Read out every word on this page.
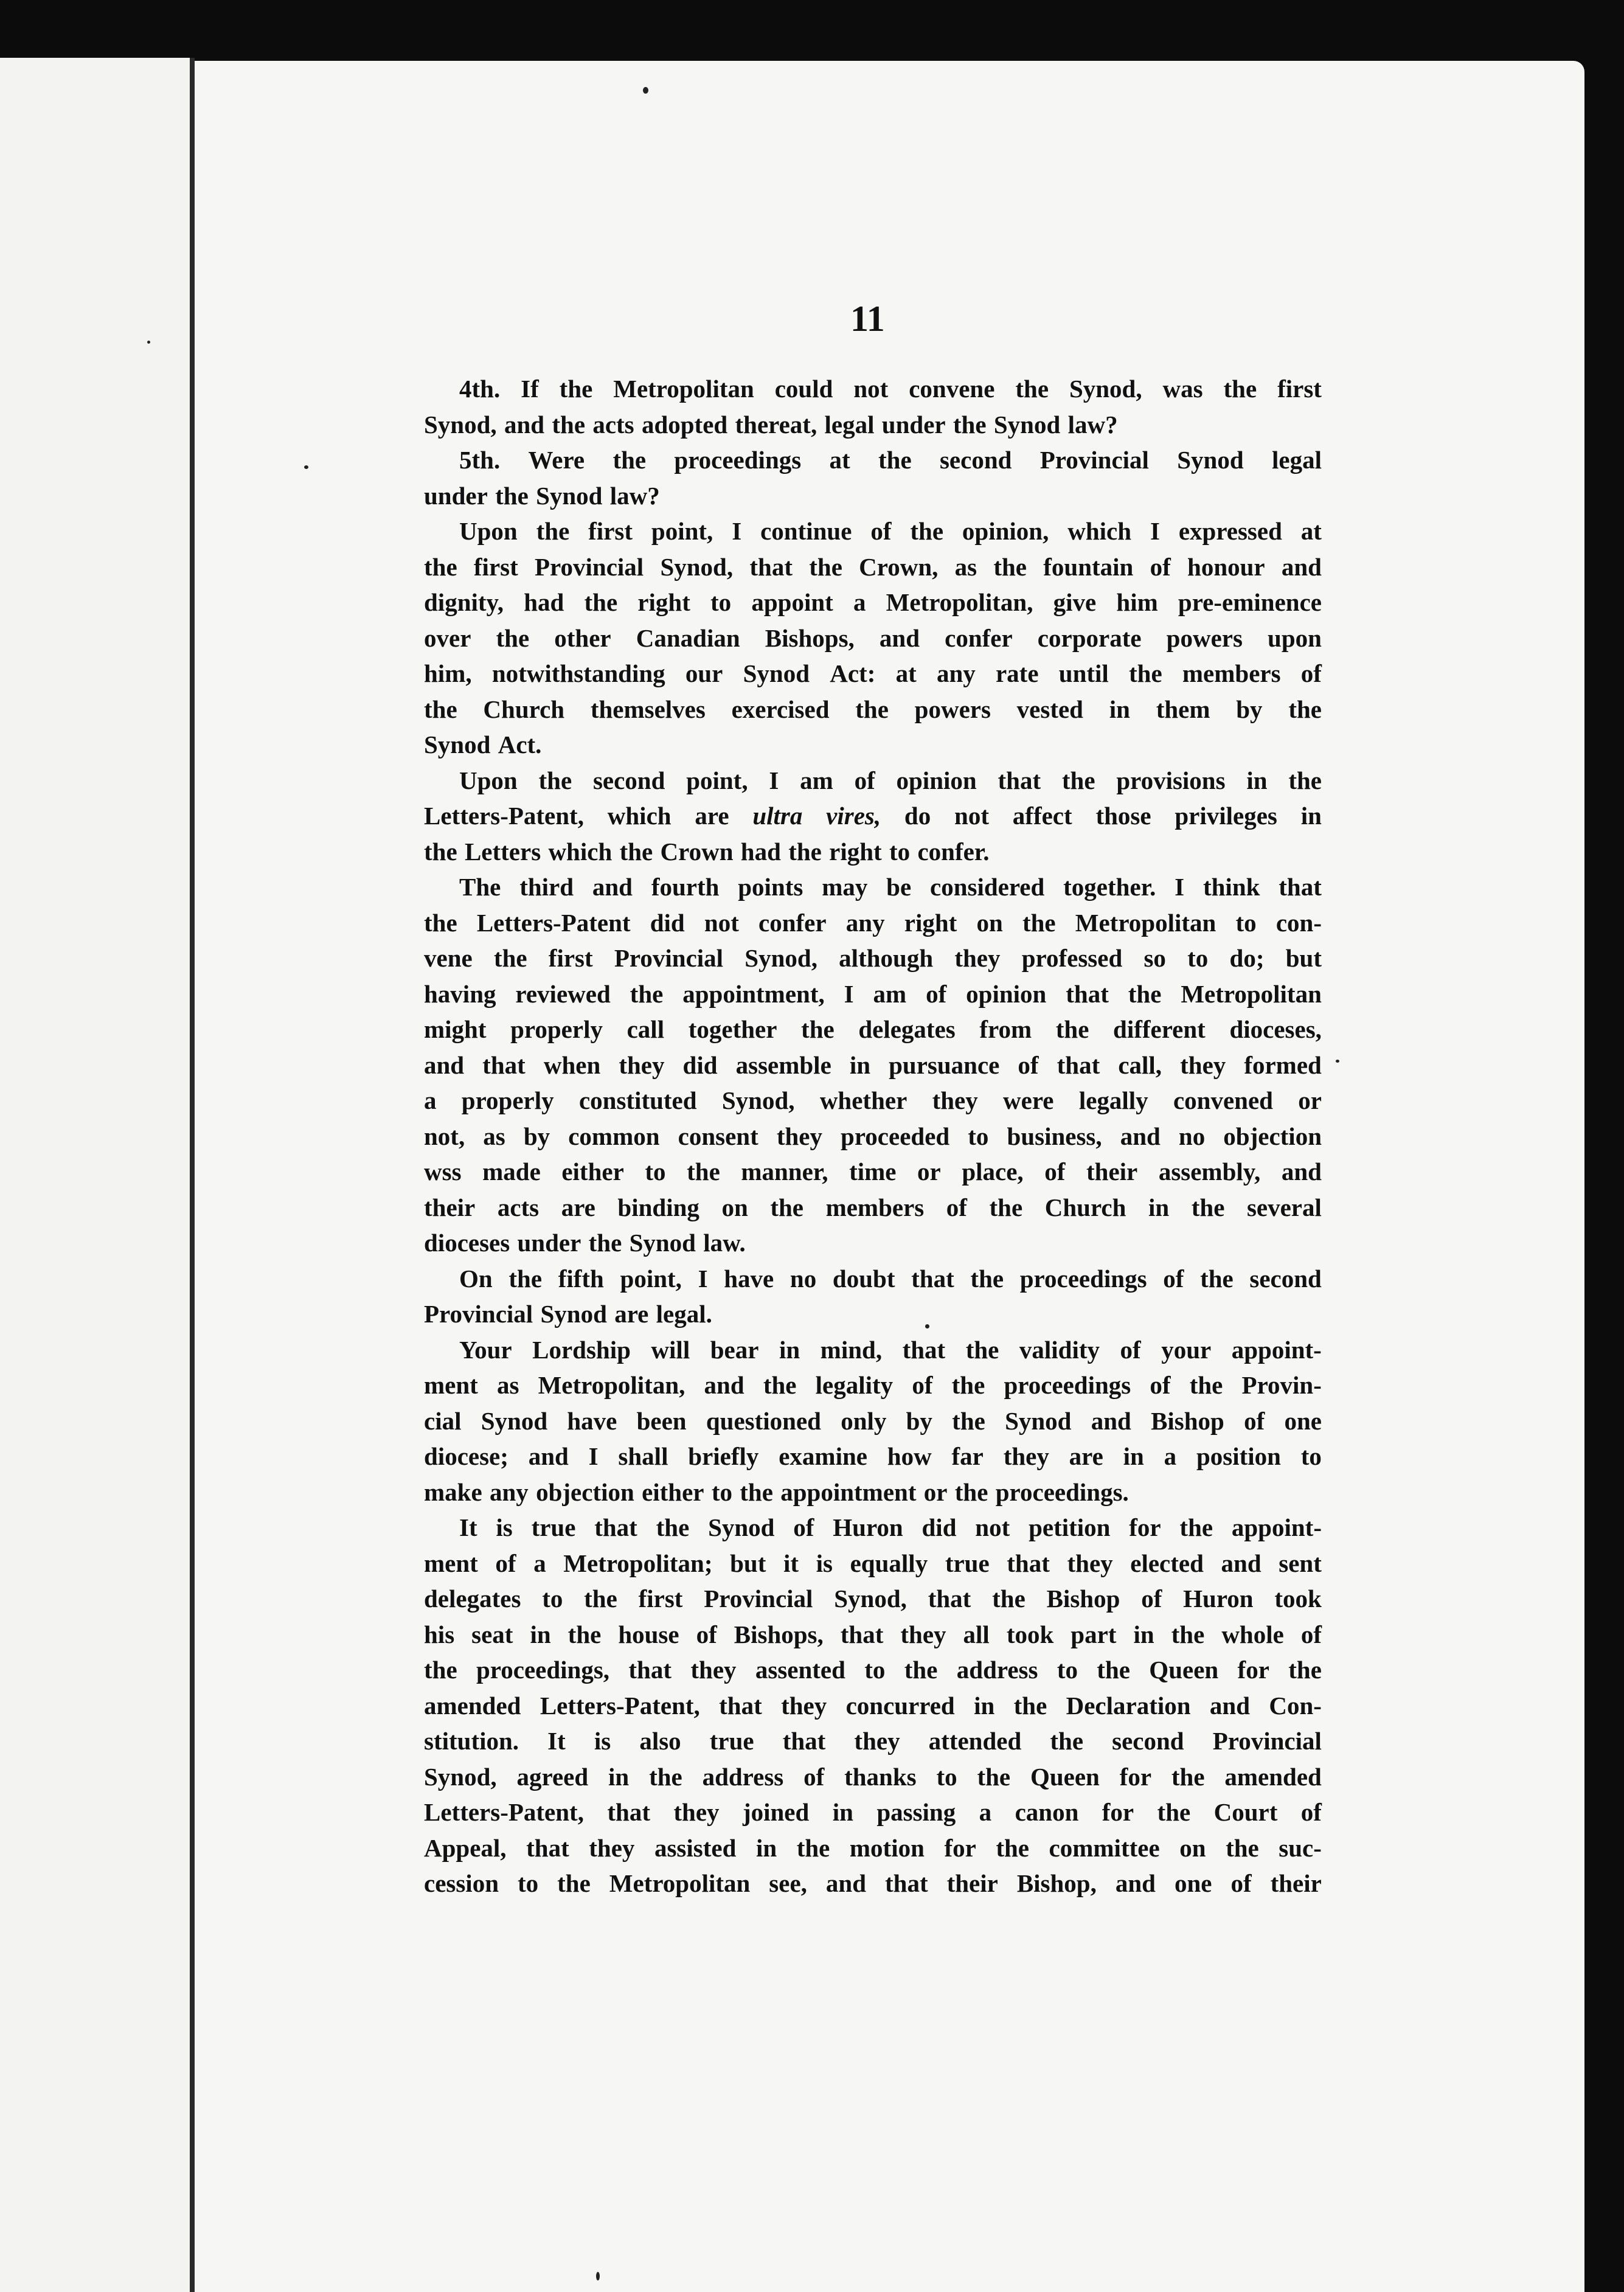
11
4th. If the Metropolitan could not convene the Synod, was the first
Synod, and the acts adopted thereat, legal under the Synod law?
5th. Were the proceedings at the second Provincial Synod legal
under the Synod law?
Upon the first point, I continue of the opinion, which I expressed at
the first Provincial Synod, that the Crown, as the fountain of honour and
dignity, had the right to appoint a Metropolitan, give him pre-eminence
over the other Canadian Bishops, and confer corporate powers upon
him, notwithstanding our Synod Act: at any rate until the members of
the Church themselves exercised the powers vested in them by the
Synod Act.
Upon the second point, I am of opinion that the provisions in the
Letters-Patent, which are ultra vires, do not affect those privileges in
the Letters which the Crown had the right to confer.
The third and fourth points may be considered together. I think that
the Letters-Patent did not confer any right on the Metropolitan to con-
vene the first Provincial Synod, although they professed so to do; but
having reviewed the appointment, I am of opinion that the Metropolitan
might properly call together the delegates from the different dioceses,
and that when they did assemble in pursuance of that call, they formed
a properly constituted Synod, whether they were legally convened or
not, as by common consent they proceeded to business, and no objection
wss made either to the manner, time or place, of their assembly, and
their acts are binding on the members of the Church in the several
dioceses under the Synod law.
On the fifth point, I have no doubt that the proceedings of the second
Provincial Synod are legal.
Your Lordship will bear in mind, that the validity of your appoint-
ment as Metropolitan, and the legality of the proceedings of the Provin-
cial Synod have been questioned only by the Synod and Bishop of one
diocese; and I shall briefly examine how far they are in a position to
make any objection either to the appointment or the proceedings.
It is true that the Synod of Huron did not petition for the appoint-
ment of a Metropolitan; but it is equally true that they elected and sent
delegates to the first Provincial Synod, that the Bishop of Huron took
his seat in the house of Bishops, that they all took part in the whole of
the proceedings, that they assented to the address to the Queen for the
amended Letters-Patent, that they concurred in the Declaration and Con-
stitution. It is also true that they attended the second Provincial
Synod, agreed in the address of thanks to the Queen for the amended
Letters-Patent, that they joined in passing a canon for the Court of
Appeal, that they assisted in the motion for the committee on the suc-
cession to the Metropolitan see, and that their Bishop, and one of their
